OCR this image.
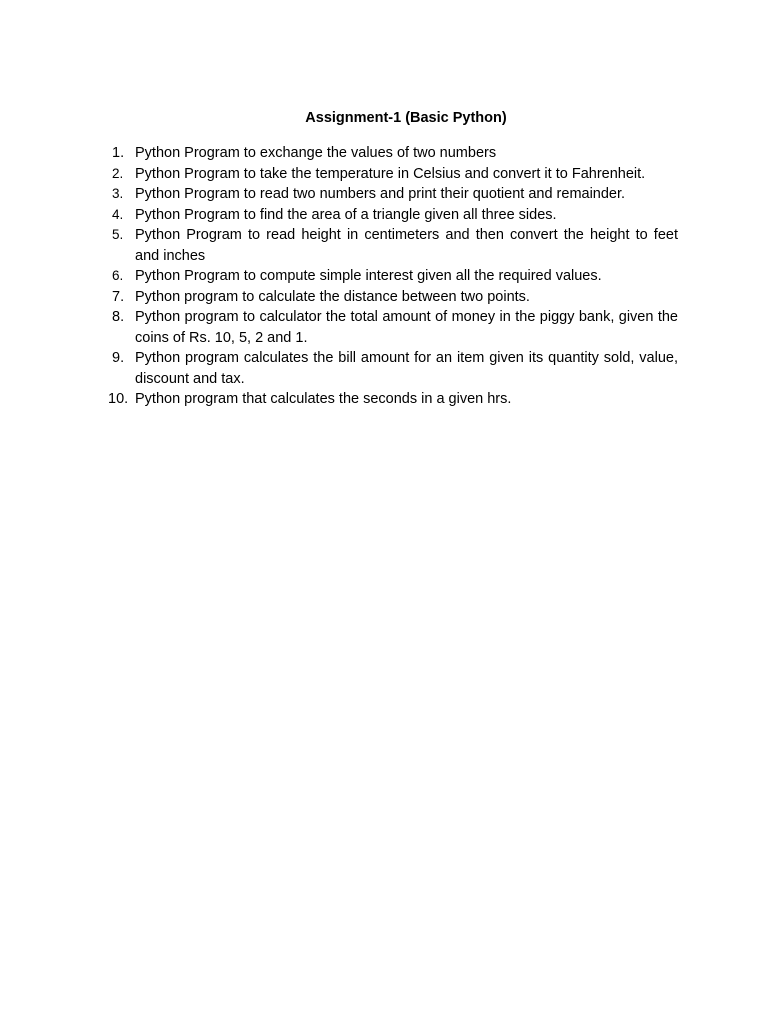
Assignment-1 (Basic Python)
1. Python Program to exchange the values of two numbers
2. Python Program to take the temperature in Celsius and convert it to Fahrenheit.
3. Python Program to read two numbers and print their quotient and remainder.
4. Python Program to find the area of a triangle given all three sides.
5. Python Program to read height in centimeters and then convert the height to feet and inches
6. Python Program to compute simple interest given all the required values.
7. Python program to calculate the distance between two points.
8. Python program to calculator the total amount of money in the piggy bank, given the coins of Rs. 10, 5, 2 and 1.
9. Python program calculates the bill amount for an item given its quantity sold, value, discount and tax.
10. Python program that calculates the seconds in a given hrs.
